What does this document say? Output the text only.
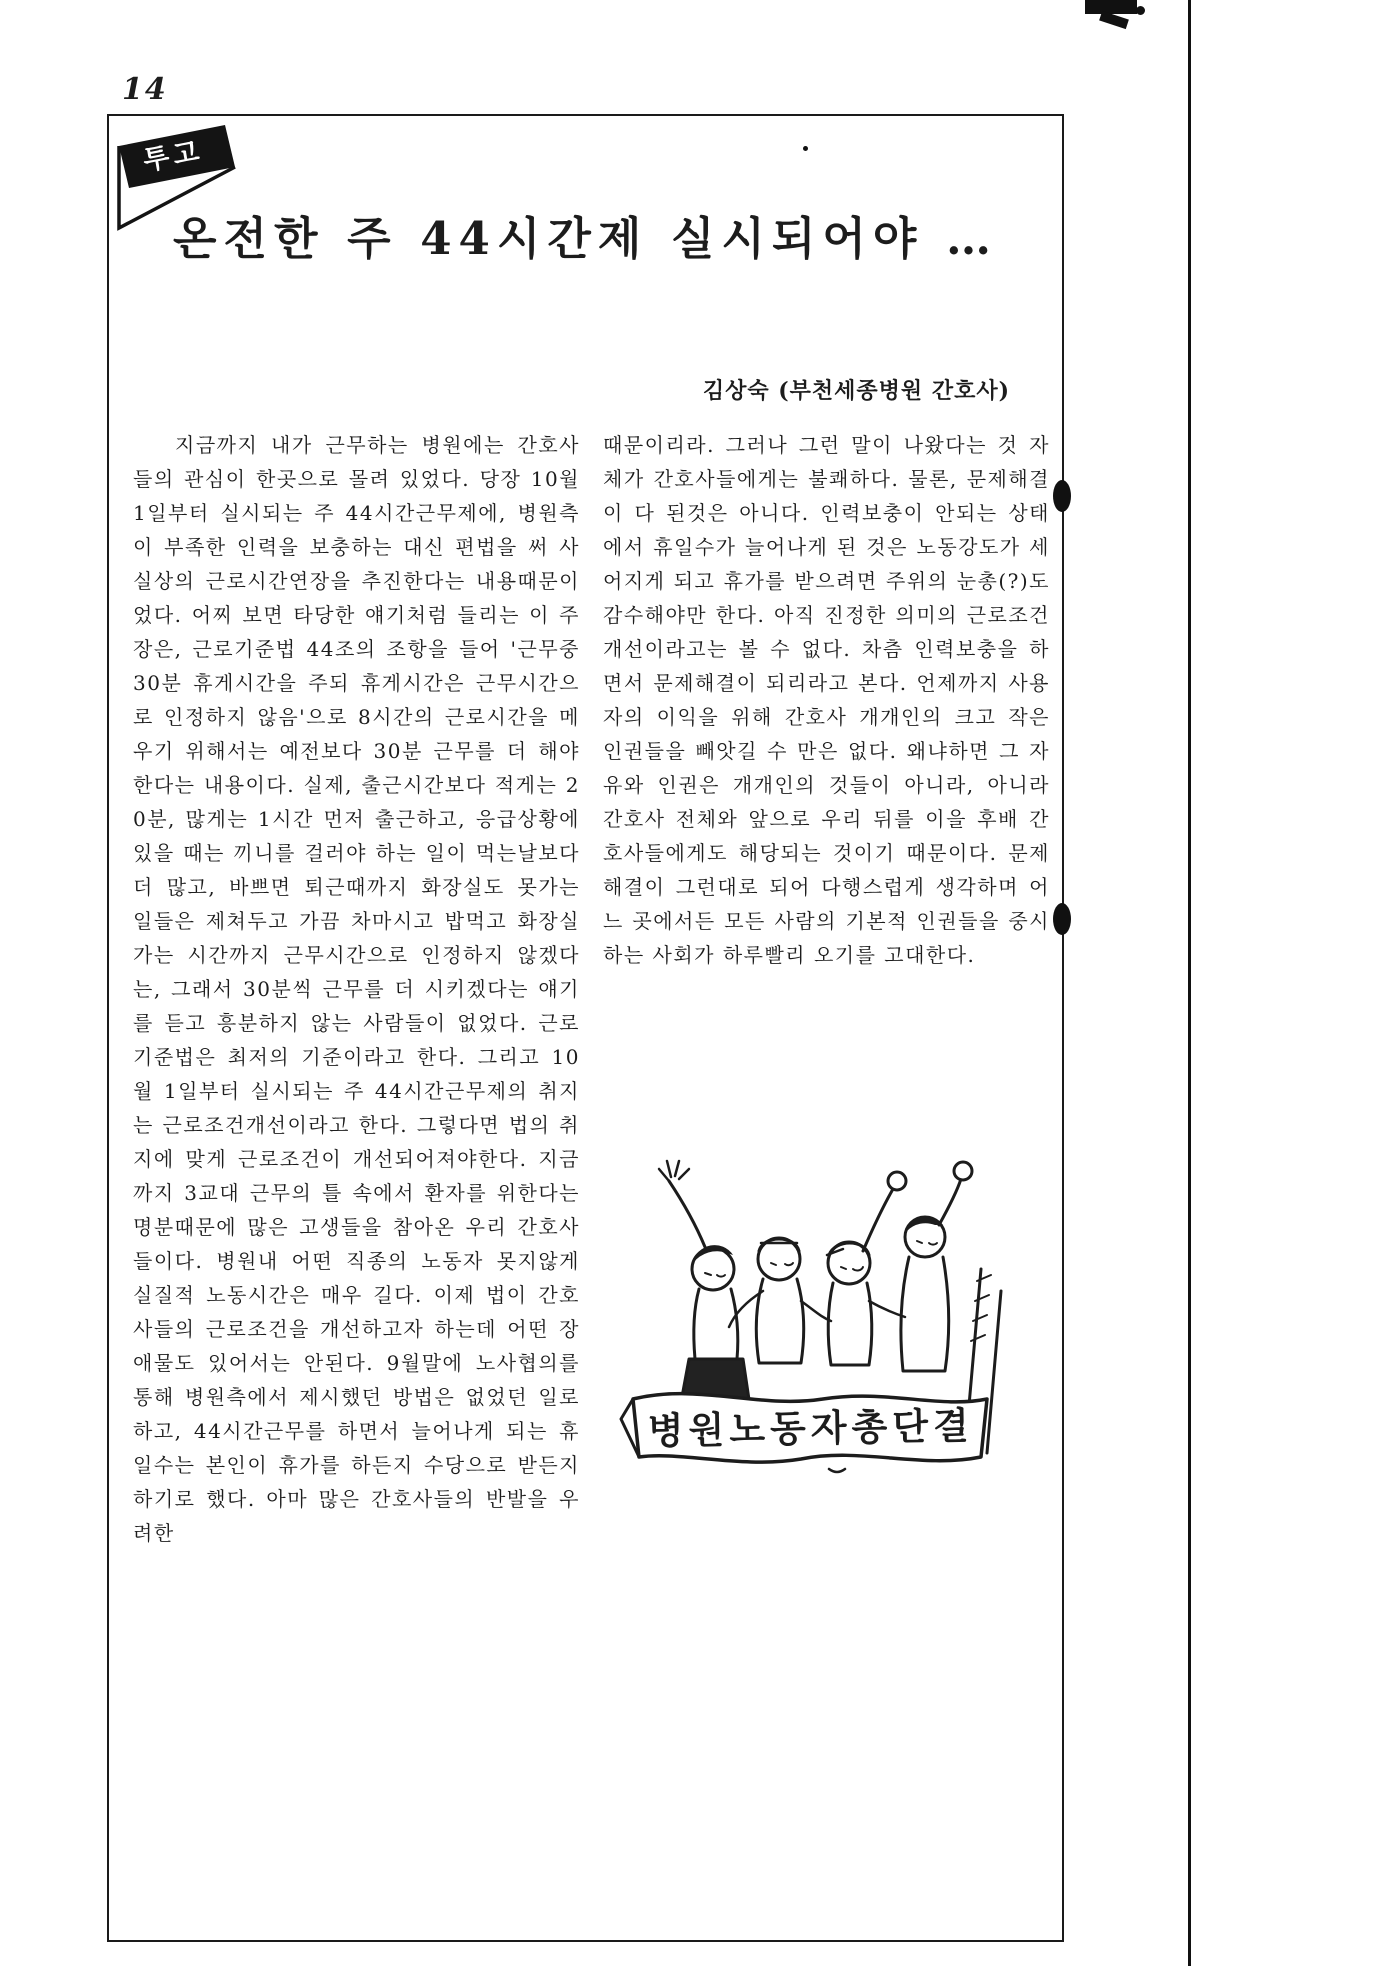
14
투고
온전한 주 44시간제 실시되어야 …
김상숙 (부천세종병원 간호사)
지금까지 내가 근무하는 병원에는 간호사들의 관심이 한곳으로 몰려 있었다. 당장 10월 1일부터 실시되는 주 44시간근무제에, 병원측이 부족한 인력을 보충하는 대신 편법을 써 사실상의 근로시간연장을 추진한다는 내용때문이었다. 어찌 보면 타당한 얘기처럼 들리는 이 주장은, 근로기준법 44조의 조항을 들어 '근무중 30분 휴게시간을 주되 휴게시간은 근무시간으로 인정하지 않음'으로 8시간의 근로시간을 메우기 위해서는 예전보다 30분 근무를 더 해야한다는 내용이다. 실제, 출근시간보다 적게는 20분, 많게는 1시간 먼저 출근하고, 응급상황에 있을 때는 끼니를 걸러야 하는 일이 먹는날보다 더 많고, 바쁘면 퇴근때까지 화장실도 못가는 일들은 제쳐두고 가끔 차마시고 밥먹고 화장실가는 시간까지 근무시간으로 인정하지 않겠다는, 그래서 30분씩 근무를 더 시키겠다는 얘기를 듣고 흥분하지 않는 사람들이 없었다. 근로기준법은 최저의 기준이라고 한다. 그리고 10월 1일부터 실시되는 주 44시간근무제의 취지는 근로조건개선이라고 한다. 그렇다면 법의 취지에 맞게 근로조건이 개선되어져야한다. 지금까지 3교대 근무의 틀 속에서 환자를 위한다는 명분때문에 많은 고생들을 참아온 우리 간호사들이다. 병원내 어떤 직종의 노동자 못지않게 실질적 노동시간은 매우 길다. 이제 법이 간호사들의 근로조건을 개선하고자 하는데 어떤 장애물도 있어서는 안된다. 9월말에 노사협의를 통해 병원측에서 제시했던 방법은 없었던 일로 하고, 44시간근무를 하면서 늘어나게 되는 휴일수는 본인이 휴가를 하든지 수당으로 받든지 하기로 했다. 아마 많은 간호사들의 반발을 우려한
때문이리라. 그러나 그런 말이 나왔다는 것 자체가 간호사들에게는 불쾌하다. 물론, 문제해결이 다 된것은 아니다. 인력보충이 안되는 상태에서 휴일수가 늘어나게 된 것은 노동강도가 세어지게 되고 휴가를 받으려면 주위의 눈총(?)도 감수해야만 한다. 아직 진정한 의미의 근로조건개선이라고는 볼 수 없다. 차츰 인력보충을 하면서 문제해결이 되리라고 본다. 언제까지 사용자의 이익을 위해 간호사 개개인의 크고 작은 인권들을 빼앗길 수 만은 없다. 왜냐하면 그 자유와 인권은 개개인의 것들이 아니라, 아니라 간호사 전체와 앞으로 우리 뒤를 이을 후배 간호사들에게도 해당되는 것이기 때문이다. 문제해결이 그런대로 되어 다행스럽게 생각하며 어느 곳에서든 모든 사람의 기본적 인권들을 중시하는 사회가 하루빨리 오기를 고대한다.
병원노동자총단결
